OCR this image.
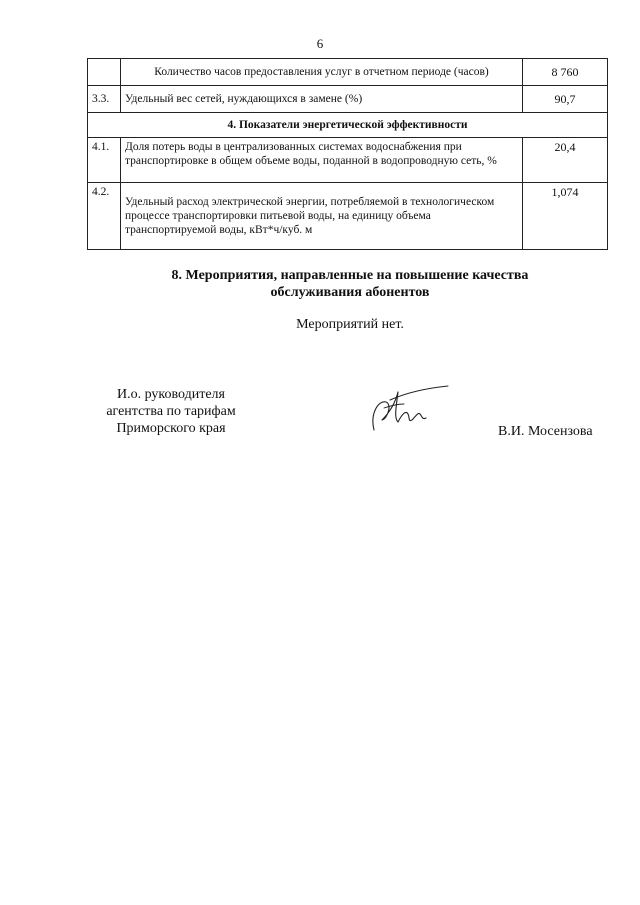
6
	Количество часов предоставления услуг в отчетном периоде (часов)	8 760
3.3.	Удельный вес сетей, нуждающихся в замене (%)	90,7
4. Показатели энергетической эффективности		
4.1.	Доля потерь воды в централизованных системах водоснабжения при транспортировке в общем объеме воды, поданной в водопроводную сеть, %	20,4
4.2.	Удельный расход электрической энергии, потребляемой в технологическом процессе транспортировки питьевой воды, на единицу объема транспортируемой воды, кВт*ч/куб. м	1,074
8. Мероприятия, направленные на повышение качества
обслуживания абонентов
Мероприятий нет.
И.о. руководителя
агентства по тарифам
Приморского края	В.И. Мосензова
